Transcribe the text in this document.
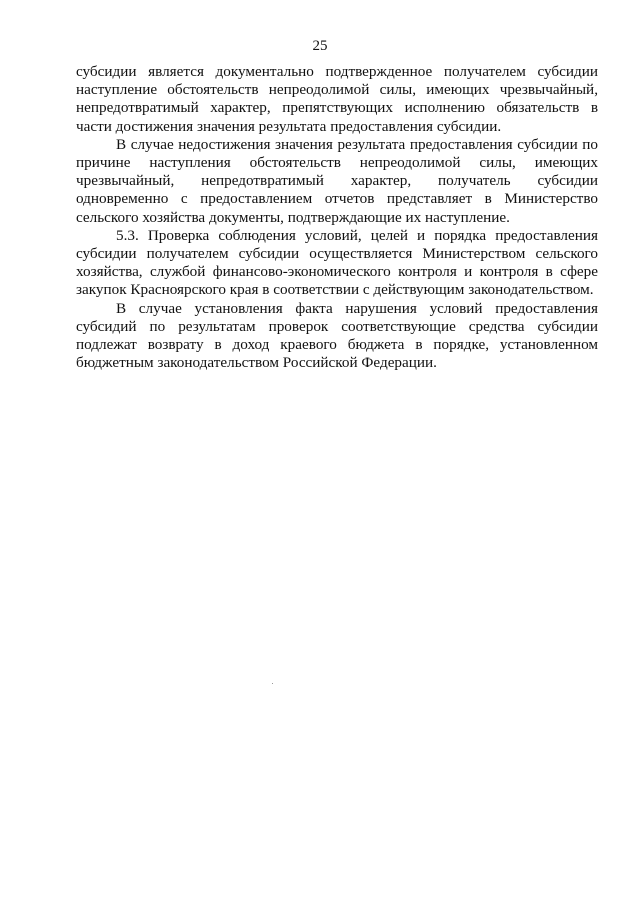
25

субсидии является документально подтвержденное получателем субсидии наступление обстоятельств непреодолимой силы, имеющих чрезвычайный, непредотвратимый характер, препятствующих исполнению обязательств в части достижения значения результата предоставления субсидии.

В случае недостижения значения результата предоставления субсидии по причине наступления обстоятельств непреодолимой силы, имеющих чрезвычайный, непредотвратимый характер, получатель субсидии одновременно с предоставлением отчетов представляет в Министерство сельского хозяйства документы, подтверждающие их наступление.

5.3. Проверка соблюдения условий, целей и порядка предоставления субсидии получателем субсидии осуществляется Министерством сельского хозяйства, службой финансово-экономического контроля и контроля в сфере закупок Красноярского края в соответствии с действующим законодательством.

В случае установления факта нарушения условий предоставления субсидий по результатам проверок соответствующие средства субсидии подлежат возврату в доход краевого бюджета в порядке, установленном бюджетным законодательством Российской Федерации.
